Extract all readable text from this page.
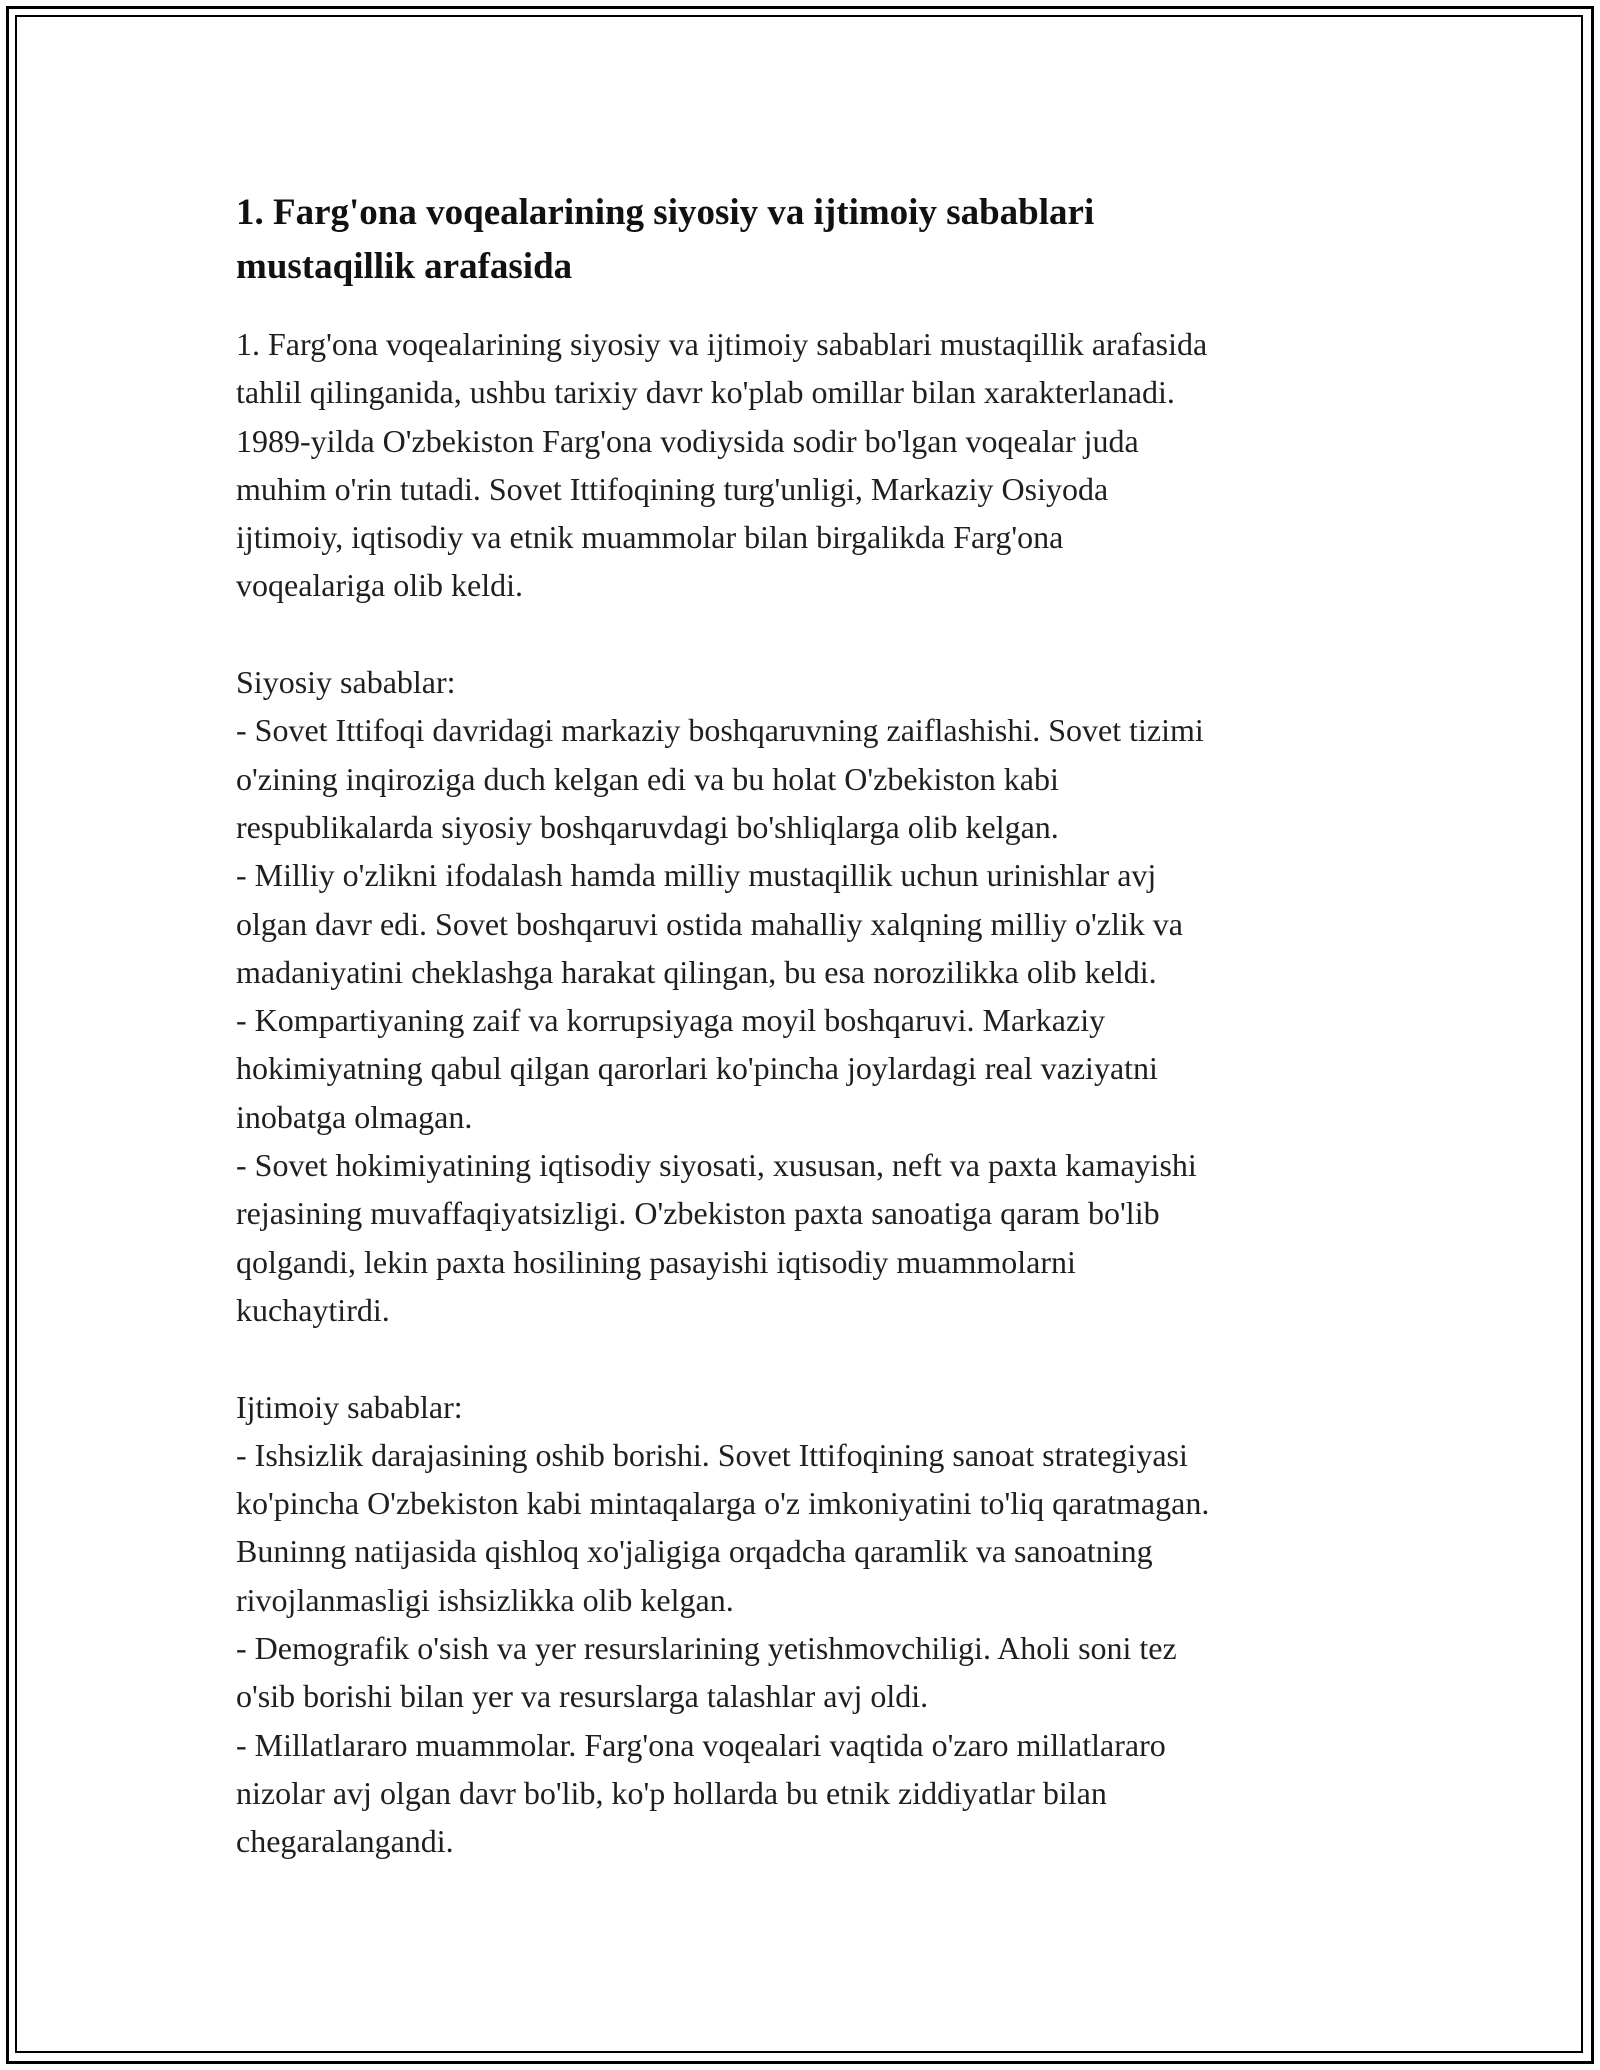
1. Farg'ona voqealarining siyosiy va ijtimoiy sabablari
mustaqillik arafasida
1. Farg'ona voqealarining siyosiy va ijtimoiy sabablari mustaqillik arafasida
tahlil qilinganida, ushbu tarixiy davr ko'plab omillar bilan xarakterlanadi.
1989-yilda O'zbekiston Farg'ona vodiysida sodir bo'lgan voqealar juda
muhim o'rin tutadi. Sovet Ittifoqining turg'unligi, Markaziy Osiyoda
ijtimoiy, iqtisodiy va etnik muammolar bilan birgalikda Farg'ona
voqealariga olib keldi.
Siyosiy sabablar:
- Sovet Ittifoqi davridagi markaziy boshqaruvning zaiflashishi. Sovet tizimi
o'zining inqiroziga duch kelgan edi va bu holat O'zbekiston kabi
respublikalarda siyosiy boshqaruvdagi bo'shliqlarga olib kelgan.
- Milliy o'zlikni ifodalash hamda milliy mustaqillik uchun urinishlar avj
olgan davr edi. Sovet boshqaruvi ostida mahalliy xalqning milliy o'zlik va
madaniyatini cheklashga harakat qilingan, bu esa norozilikka olib keldi.
- Kompartiyaning zaif va korrupsiyaga moyil boshqaruvi. Markaziy
hokimiyatning qabul qilgan qarorlari ko'pincha joylardagi real vaziyatni
inobatga olmagan.
- Sovet hokimiyatining iqtisodiy siyosati, xususan, neft va paxta kamayishi
rejasining muvaffaqiyatsizligi. O'zbekiston paxta sanoatiga qaram bo'lib
qolgandi, lekin paxta hosilining pasayishi iqtisodiy muammolarni
kuchaytirdi.
Ijtimoiy sabablar:
- Ishsizlik darajasining oshib borishi. Sovet Ittifoqining sanoat strategiyasi
ko'pincha O'zbekiston kabi mintaqalarga o'z imkoniyatini to'liq qaratmagan.
Buninng natijasida qishloq xo'jaligiga orqadcha qaramlik va sanoatning
rivojlanmasligi ishsizlikka olib kelgan.
- Demografik o'sish va yer resurslarining yetishmovchiligi. Aholi soni tez
o'sib borishi bilan yer va resurslarga talashlar avj oldi.
- Millatlararo muammolar. Farg'ona voqealari vaqtida o'zaro millatlararo
nizolar avj olgan davr bo'lib, ko'p hollarda bu etnik ziddiyatlar bilan
chegaralangandi.
